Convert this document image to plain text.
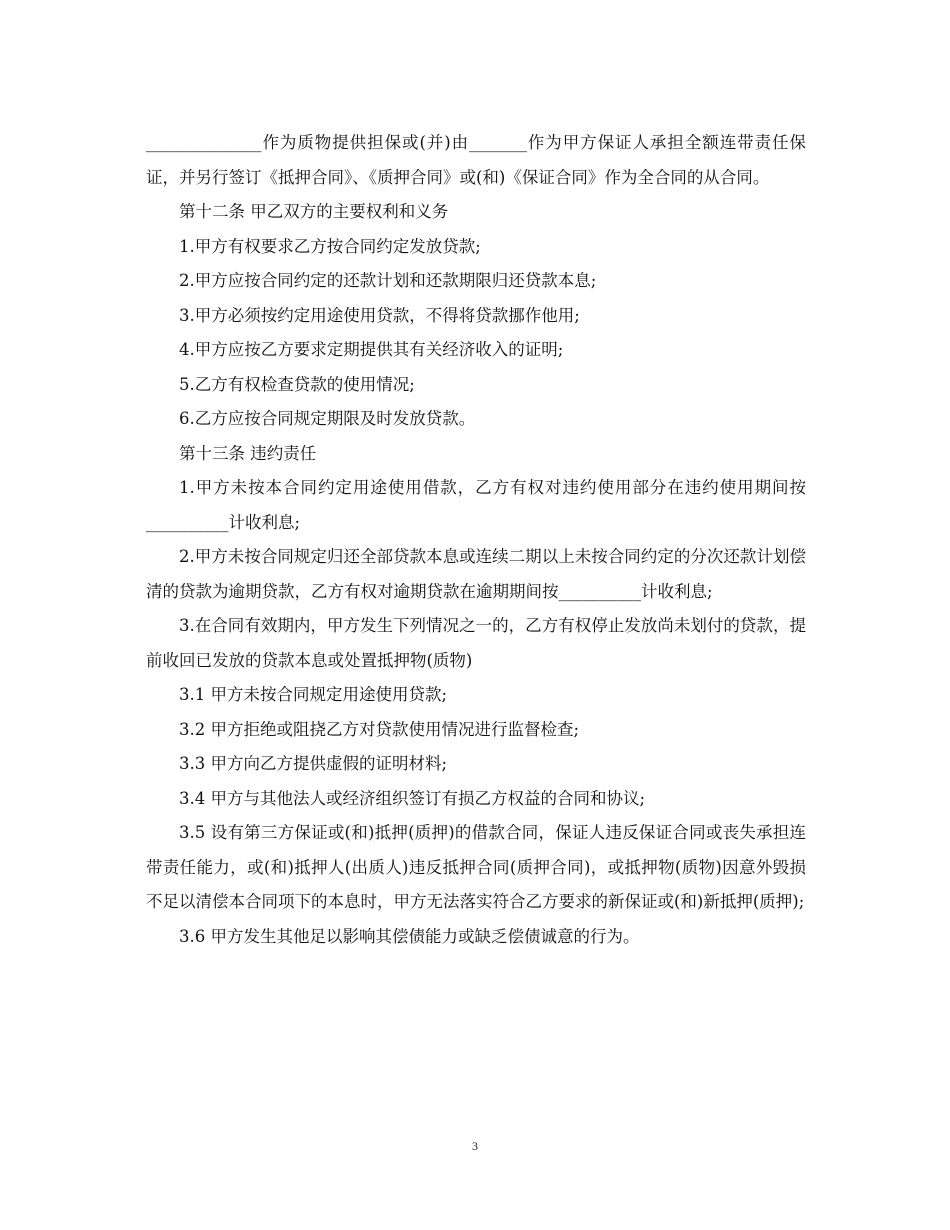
______________作为质物提供担保或(并)由_______作为甲方保证人承担全额连带责任保证，并另行签订《抵押合同》、《质押合同》或(和)《保证合同》作为全合同的从合同。

第十二条 甲乙双方的主要权利和义务

1.甲方有权要求乙方按合同约定发放贷款;

2.甲方应按合同约定的还款计划和还款期限归还贷款本息;

3.甲方必须按约定用途使用贷款，不得将贷款挪作他用;

4.甲方应按乙方要求定期提供其有关经济收入的证明;

5.乙方有权检查贷款的使用情况;

6.乙方应按合同规定期限及时发放贷款。

第十三条 违约责任

1.甲方未按本合同约定用途使用借款，乙方有权对违约使用部分在违约使用期间按__________计收利息;

2.甲方未按合同规定归还全部贷款本息或连续二期以上未按合同约定的分次还款计划偿清的贷款为逾期贷款，乙方有权对逾期贷款在逾期期间按__________计收利息;

3.在合同有效期内，甲方发生下列情况之一的，乙方有权停止发放尚未划付的贷款，提前收回已发放的贷款本息或处置抵押物(质物)

3.1 甲方未按合同规定用途使用贷款;

3.2 甲方拒绝或阻挠乙方对贷款使用情况进行监督检查;

3.3 甲方向乙方提供虚假的证明材料;

3.4 甲方与其他法人或经济组织签订有损乙方权益的合同和协议;

3.5 设有第三方保证或(和)抵押(质押)的借款合同，保证人违反保证合同或丧失承担连带责任能力，或(和)抵押人(出质人)违反抵押合同(质押合同)，或抵押物(质物)因意外毁损不足以清偿本合同项下的本息时，甲方无法落实符合乙方要求的新保证或(和)新抵押(质押);

3.6 甲方发生其他足以影响其偿债能力或缺乏偿债诚意的行为。

3
